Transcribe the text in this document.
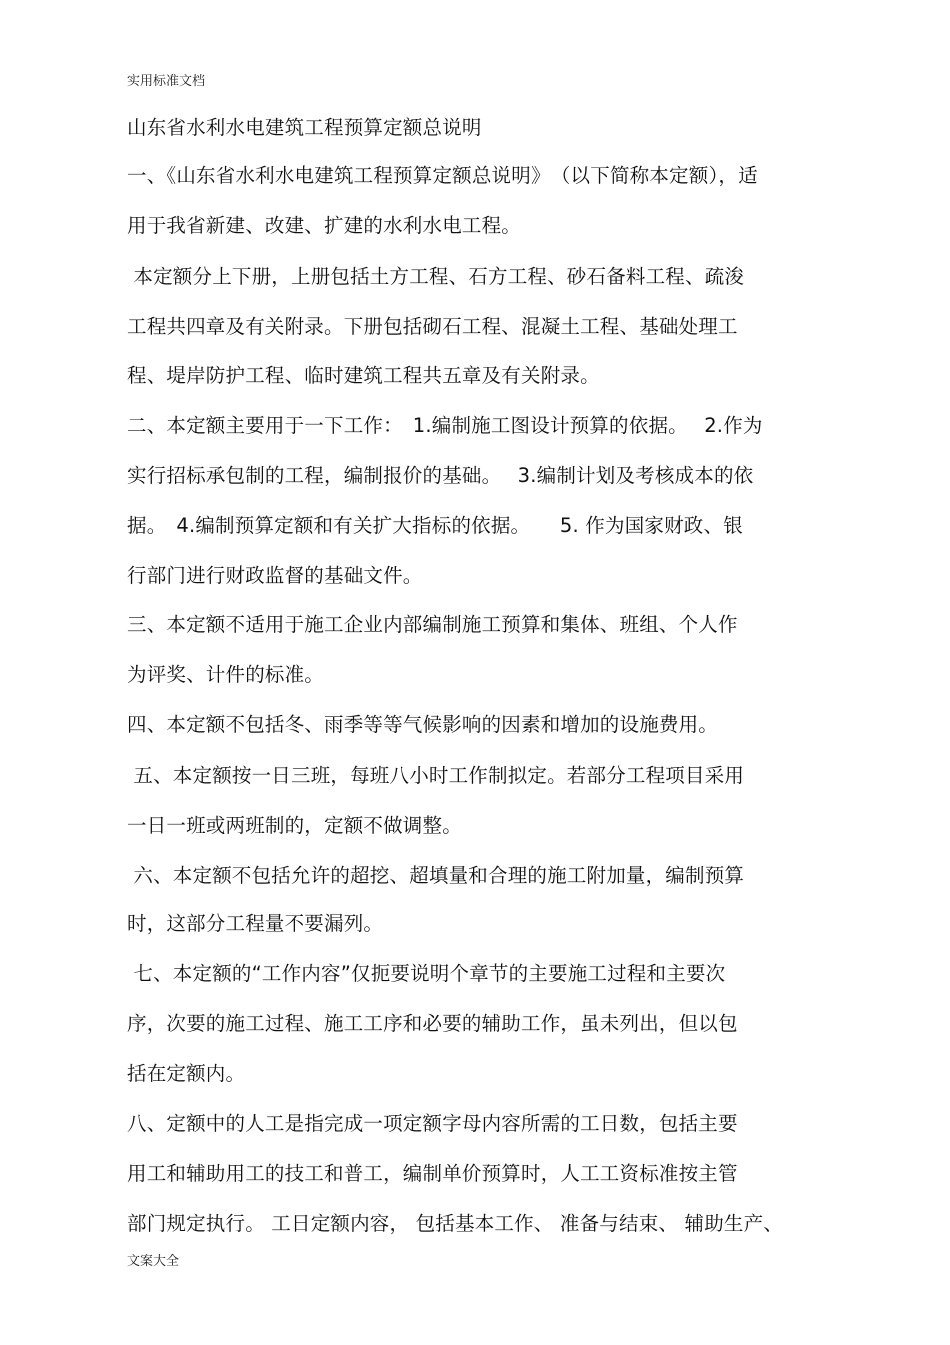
实用标准文档
山东省水利水电建筑工程预算定额总说明
一、《山东省水利水电建筑工程预算定额总说明》　（以下简称本定额），适
用于我省新建、改建、扩建的水利水电工程。
本定额分上下册，上册包括土方工程、石方工程、砂石备料工程、疏浚
工程共四章及有关附录。下册包括砌石工程、混凝土工程、基础处理工
程、堤岸防护工程、临时建筑工程共五章及有关附录。
二、本定额主要用于一下工作：　1.编制施工图设计预算的依据。　 2.作为
实行招标承包制的工程，编制报价的基础。　 3.编制计划及考核成本的依
据。　4.编制预算定额和有关扩大指标的依据。　　5. 作为国家财政、银
行部门进行财政监督的基础文件。
三、本定额不适用于施工企业内部编制施工预算和集体、班组、个人作
为评奖、计件的标准。
四、本定额不包括冬、雨季等等气候影响的因素和增加的设施费用。
五、本定额按一日三班，每班八小时工作制拟定。若部分工程项目采用
一日一班或两班制的，定额不做调整。
六、本定额不包括允许的超挖、超填量和合理的施工附加量，编制预算
时，这部分工程量不要漏列。
七、本定额的“工作内容”仅扼要说明个章节的主要施工过程和主要次
序，次要的施工过程、施工工序和必要的辅助工作，虽未列出，但以包
括在定额内。
八、定额中的人工是指完成一项定额字母内容所需的工日数，包括主要
用工和辅助用工的技工和普工，编制单价预算时，人工工资标准按主管
部门规定执行。 工日定额内容， 包括基本工作、 准备与结束、 辅助生产、
文案大全
